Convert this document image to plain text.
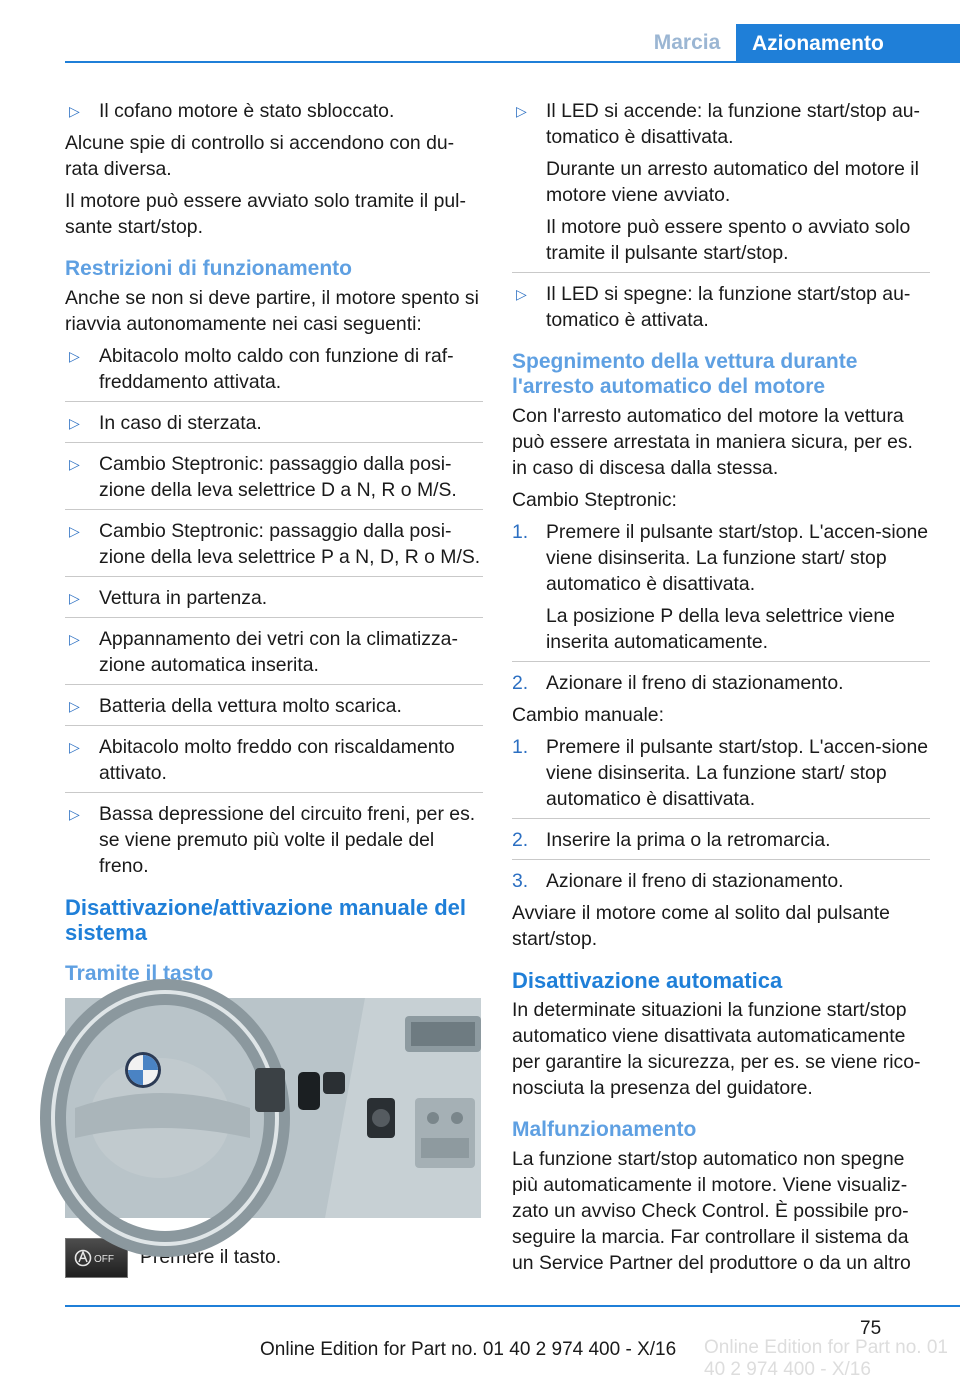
Marcia	Azionamento
▷ Il cofano motore è stato sbloccato.
Alcune spie di controllo si accendono con du-rata diversa.
Il motore può essere avviato solo tramite il pul-sante start/stop.
Restrizioni di funzionamento
Anche se non si deve partire, il motore spento si riavvia autonomamente nei casi seguenti:
▷ Abitacolo molto caldo con funzione di raf-freddamento attivata.
▷ In caso di sterzata.
▷ Cambio Steptronic: passaggio dalla posi-zione della leva selettrice D a N, R o M/S.
▷ Cambio Steptronic: passaggio dalla posi-zione della leva selettrice P a N, D, R o M/S.
▷ Vettura in partenza.
▷ Appannamento dei vetri con la climatizza-zione automatica inserita.
▷ Batteria della vettura molto scarica.
▷ Abitacolo molto freddo con riscaldamento attivato.
▷ Bassa depressione del circuito freni, per es. se viene premuto più volte il pedale del freno.
Disattivazione/attivazione manuale del sistema
Tramite il tasto
OFF Premere il tasto.
▷ Il LED si accende: la funzione start/stop au-tomatico è disattivata.
Durante un arresto automatico del motore il motore viene avviato.
Il motore può essere spento o avviato solo tramite il pulsante start/stop.
▷ Il LED si spegne: la funzione start/stop au-tomatico è attivata.
Spegnimento della vettura durante l'arresto automatico del motore
Con l'arresto automatico del motore la vettura può essere arrestata in maniera sicura, per es. in caso di discesa dalla stessa.
Cambio Steptronic:
1. Premere il pulsante start/stop. L'accen-sione viene disinserita. La funzione start/ stop automatico è disattivata.
La posizione P della leva selettrice viene inserita automaticamente.
2. Azionare il freno di stazionamento.
Cambio manuale:
1. Premere il pulsante start/stop. L'accen-sione viene disinserita. La funzione start/ stop automatico è disattivata.
2. Inserire la prima o la retromarcia.
3. Azionare il freno di stazionamento.
Avviare il motore come al solito dal pulsante start/stop.
Disattivazione automatica
In determinate situazioni la funzione start/stop automatico viene disattivata automaticamente per garantire la sicurezza, per es. se viene rico-nosciuta la presenza del guidatore.
Malfunzionamento
La funzione start/stop automatico non spegne più automaticamente il motore. Viene visualiz-zato un avviso Check Control. È possibile pro-seguire la marcia. Far controllare il sistema da un Service Partner del produttore o da un altro
75
Online Edition for Part no. 01 40 2 974 400 - X/16
Online Edition for Part no. 01 40 2 974 400 - X/16
